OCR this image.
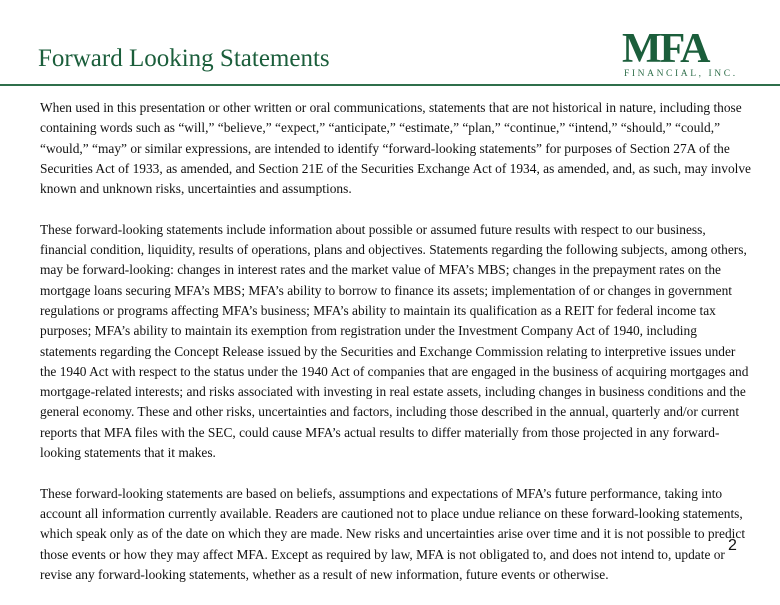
Forward Looking Statements	MFA
FINANCIAL, INC.

When used in this presentation or other written or oral communications, statements that are not historical in nature, including those containing words such as “will,” “believe,” “expect,” “anticipate,” “estimate,” “plan,” “continue,” “intend,” “should,” “could,” “would,” “may” or similar expressions, are intended to identify “forward-looking statements” for purposes of Section 27A of the Securities Act of 1933, as amended, and Section 21E of the Securities Exchange Act of 1934, as amended, and, as such, may involve known and unknown risks, uncertainties and assumptions.

These forward-looking statements include information about possible or assumed future results with respect to our business, financial condition, liquidity, results of operations, plans and objectives. Statements regarding the following subjects, among others, may be forward-looking: changes in interest rates and the market value of MFA’s MBS; changes in the prepayment rates on the mortgage loans securing MFA’s MBS; MFA’s ability to borrow to finance its assets; implementation of or changes in government regulations or programs affecting MFA’s business; MFA’s ability to maintain its qualification as a REIT for federal income tax purposes; MFA’s ability to maintain its exemption from registration under the Investment Company Act of 1940, including statements regarding the Concept Release issued by the Securities and Exchange Commission relating to interpretive issues under the 1940 Act with respect to the status under the 1940 Act of companies that are engaged in the business of acquiring mortgages and mortgage-related interests; and risks associated with investing in real estate assets, including changes in business conditions and the general economy. These and other risks, uncertainties and factors, including those described in the annual, quarterly and/or current reports that MFA files with the SEC, could cause MFA’s actual results to differ materially from those projected in any forward-looking statements that it makes.

These forward-looking statements are based on beliefs, assumptions and expectations of MFA’s future performance, taking into account all information currently available. Readers are cautioned not to place undue reliance on these forward-looking statements, which speak only as of the date on which they are made. New risks and uncertainties arise over time and it is not possible to predict those events or how they may affect MFA. Except as required by law, MFA is not obligated to, and does not intend to, update or revise any forward-looking statements, whether as a result of new information, future events or otherwise.

2
